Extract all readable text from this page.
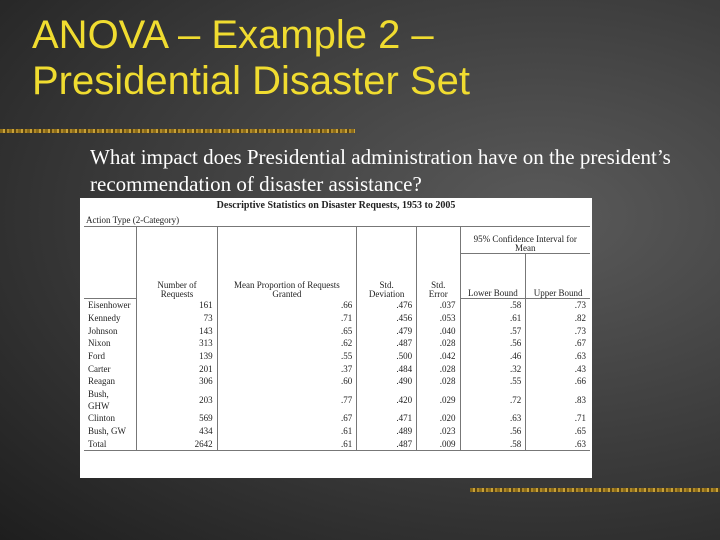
ANOVA – Example 2 –
Presidential Disaster Set
What impact does Presidential administration have on the president’s recommendation of disaster assistance?
Descriptive Statistics on Disaster Requests, 1953 to 2005
Action Type (2-Category)
	Number of Requests	Mean Proportion of Requests Granted	Std. Deviation	Std. Error	95% Confidence Interval for Mean	
					Lower Bound	Upper Bound
Eisenhower	161	.66	.476	.037	.58	.73
Kennedy	73	.71	.456	.053	.61	.82
Johnson	143	.65	.479	.040	.57	.73
Nixon	313	.62	.487	.028	.56	.67
Ford	139	.55	.500	.042	.46	.63
Carter	201	.37	.484	.028	.32	.43
Reagan	306	.60	.490	.028	.55	.66
Bush, GHW	203	.77	.420	.029	.72	.83
Clinton	569	.67	.471	.020	.63	.71
Bush, GW	434	.61	.489	.023	.56	.65
Total	2642	.61	.487	.009	.58	.63
